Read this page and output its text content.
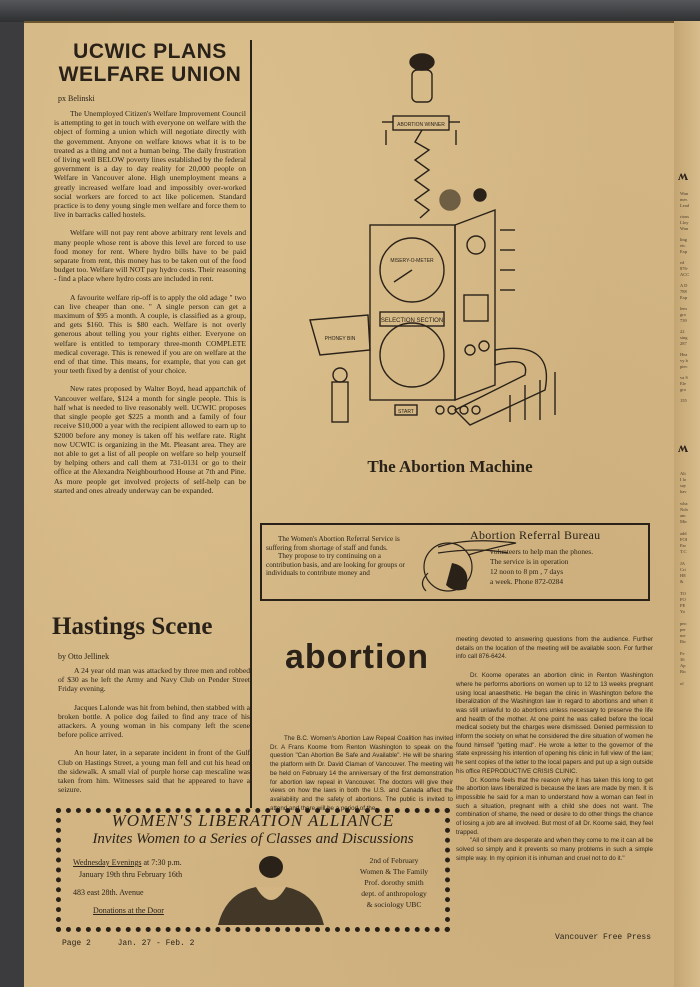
UCWIC PLANS
WELFARE UNION
px Belinski

The Unemployed Citizen's Welfare Improvement Council is attempting to get in touch with everyone on welfare with the object of forming a union which will negotiate directly with the government. Anyone on welfare knows what it is to be treated as a thing and not a human being. The daily frustration of living well BELOW poverty lines established by the federal government is a day to day reality for 20,000 people on Welfare in Vancouver alone. High unemployment means a greatly increased welfare load and impossibly over-worked social workers are forced to act like policemen. Standard practice is to deny young single men welfare and force them to live in barracks called hostels.

Welfare will not pay rent above arbitrary rent levels and many people whose rent is above this level are forced to use food money for rent. Where hydro bills have to be paid separate from rent, this money has to be taken out of the food budget too. Welfare will NOT pay hydro costs. Their reasoning - find a place where hydro costs are included in rent.

A favourite welfare rip-off is to apply the old adage " two can live cheaper than one. " A single person can get a maximum of $95 a month. A couple, is classified as a group, and gets $160. This is $80 each. Welfare is not overly generous about telling you your rights either. Everyone on welfare is entitled to temporary three-month COMPLETE medical coverage. This is renewed if you are on welfare at the end of that time. This means, for example, that you can get your teeth fixed by a dentist of your choice.

New rates proposed by Walter Boyd, head appartchik of Vancouver welfare, $124 a month for single people. This is half what is needed to live reasonably well. UCWIC proposes that single people get $225 a month and a family of four receive $10,000 a year with the recipient allowed to earn up to $2000 before any money is taken off his welfare rate. Right now UCWIC is organizing in the Mt. Pleasant area. They are not able to get a list of all people on welfare so help yourself by helping others and call them at 731-0131 or go to their office at the Alexandra Neighbourhood House at 7th and Pine. As more people get involved projects of self-help can be started and ones already underway can be expanded.

Hastings Scene
by Otto Jellinek

A 24 year old man was attacked by three men and robbed of $30 as he left the Army and Navy Club on Pender Street Friday evening.

Jacques Lalonde was hit from behind, then stabbed with a broken bottle. A police dog failed to find any trace of his attackers. A young woman in his company left the scene before police arrived.

An hour later, in a separate incident in front of the Gulf Club on Hastings Street, a young man fell and cut his head on the sidewalk. A small vial of purple horse cap mescaline was taken from him. Witnesses said that he appeared to have a seizure.

ABORTION WINNER
MISERY-O-METER
SELECTION SECTION
PHONEY BIN
START
The Abortion Machine

The Women's Abortion Referral Service is suffering from shortage of staff and funds.

They propose to try continuing on a contribution basis, and are looking for groups or individuals to contribute money and

Abortion Referral Bureau
volunteers to help man the phones.
The service is in operation
12 noon to 8 pm , 7 days
a week. Phone 872-0284
abortion

The B.C. Women's Abortion Law Repeal Coalition has invited Dr. A Frans Koome from Renton Washington to speak on the question "Can Abortion Be Safe and Available". He will be sharing the platform with Dr. David Claman of Vancouver. The meeting will be held on February 14 the anniversary of the first demonstration for abortion law repeal in Vancouver. The doctors will give their views on how the laws in both the U.S. and Canada affect the availability and the safety of abortions. The public is invited to attend and there will be a period of the-

meeting devoted to answering questions from the audience. Further details on the location of the meeting will be available soon. For further info call 876-6424.

Dr. Koome operates an abortion clinic in Renton Washington where he performs abortions on women up to 12 to 13 weeks pregnant using local anaesthetic. He began the clinic in Washington before the liberalization of the Washington law in regard to abortions and when it was still unlawful to do abortions unless necessary to preserve the life and health of the mother. At one point he was called before the local medical society but the charges were dismissed. Denied permission to inform the society on what he considered the dire situation of women he found himself "getting mad". He wrote a letter to the governor of the state expressing his intention of opening his clinic in full view of the law; he sent copies of the letter to the local papers and put up a sign outside his office REPRODUCTIVE CRISIS CLINIC.

Dr. Koome feels that the reason why it has taken this long to get the abortion laws liberalized is because the laws are made by men. It is impossible he said for a man to understand how a woman can feel in such a situation, pregnant with a child she does not want. The combination of shame, the need or desire to do other things the chance of losing a job are all involved. But most of all Dr. Koome said, they feel trapped.

"All of them are desperate and when they come to me it can all be solved so simply and it prevents so many problems in such a simple simple way. In my opinion it is inhuman and cruel not to do it."

Vancouver Free Press
WOMEN'S LIBERATION ALLIANCE
Invites Women to a Series of Classes and Discussions
Wednesday Evenings at 7:30 p.m.
January 19th thru February 16th
483 east 28th. Avenue
Donations at the Door
2nd of February
Women & The Family
Prof. dorothy smith
dept. of anthropology
& sociology UBC
Page 2	Jan. 27 - Feb. 2
ʍ
Wan
mer.
Lead
rious
Lloy
Wan
ling
etc.
Exp
ed
876-
ACC
A D
788
Exp
lem
gro
739
22
sing
287
Hea
vy b
piec
va S
Ele
gro
155
ʍ
Alt
I lo
say
hav
wha
Nob
am
Mic
add
FOI
Par
T.C
JA
Cri
HE
&
TO
FO
PE
Yo
peo
per
me
Ric
Fe
36
Ap
Ric
of
